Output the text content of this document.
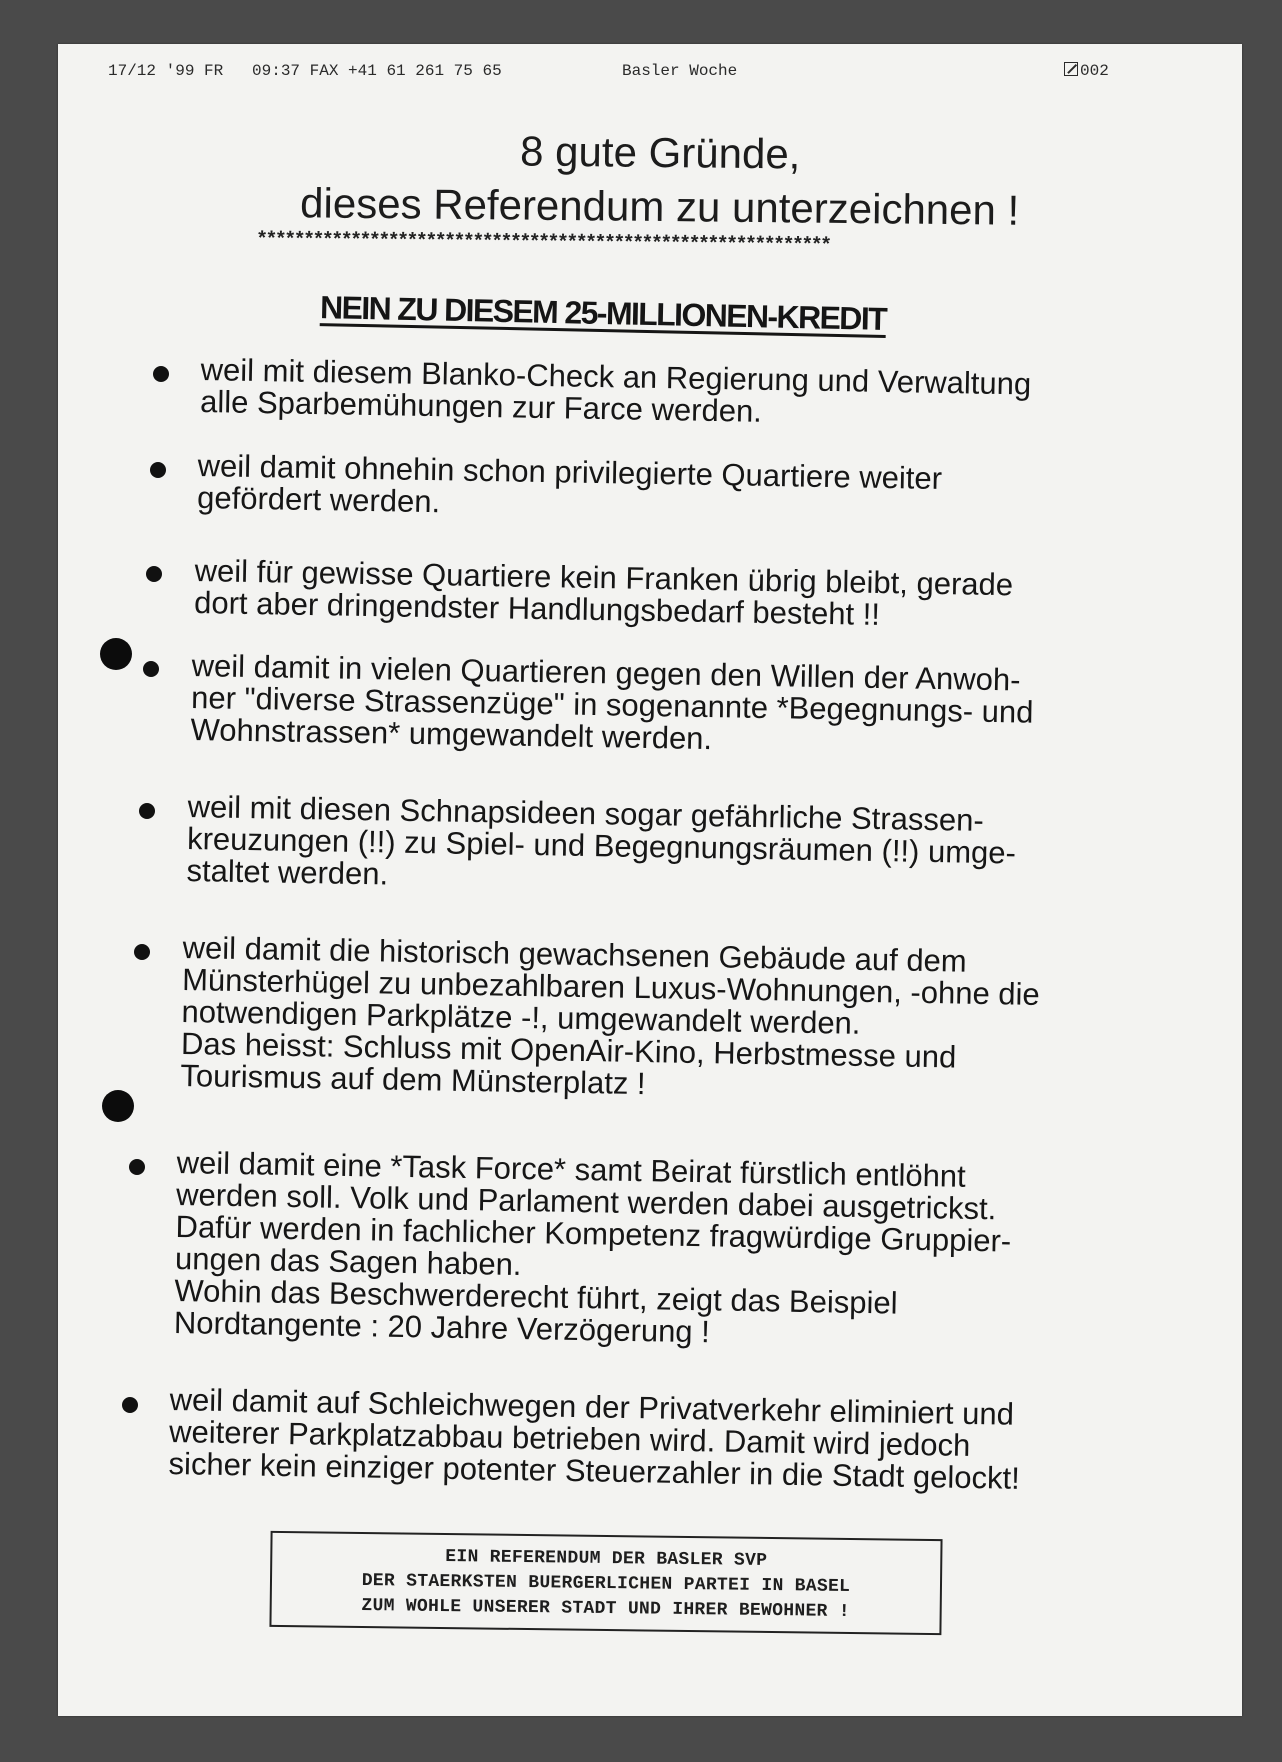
17/12 '99 FR   09:37 FAX +41 61 261 75 65

	Basler Woche	002
8 gute Gründe,
dieses Referendum zu unterzeichnen !
*************************************************************
NEIN ZU DIESEM 25-MILLIONEN-KREDIT
weil mit diesem Blanko-Check an Regierung und Verwaltung
alle Sparbemühungen zur Farce werden.
weil damit ohnehin schon privilegierte Quartiere weiter
gefördert werden.
weil für gewisse Quartiere kein Franken übrig bleibt, gerade
dort aber dringendster Handlungsbedarf besteht !!
weil damit in vielen Quartieren gegen den Willen der Anwoh-
ner "diverse Strassenzüge" in sogenannte *Begegnungs- und
Wohnstrassen* umgewandelt werden.
weil mit diesen Schnapsideen sogar gefährliche Strassen-
kreuzungen (!!) zu Spiel- und Begegnungsräumen (!!) umge-
staltet werden.
weil damit die historisch gewachsenen Gebäude auf dem
Münsterhügel zu unbezahlbaren Luxus-Wohnungen, -ohne die
notwendigen Parkplätze -!, umgewandelt werden.
Das heisst: Schluss mit OpenAir-Kino, Herbstmesse und
Tourismus auf dem Münsterplatz !
weil damit eine *Task Force* samt Beirat fürstlich entlöhnt
werden soll. Volk und Parlament werden dabei ausgetrickst.
Dafür werden in fachlicher Kompetenz fragwürdige Gruppier-
ungen das Sagen haben.
Wohin das Beschwerderecht führt, zeigt das Beispiel
Nordtangente : 20 Jahre Verzögerung !
weil damit auf Schleichwegen der Privatverkehr eliminiert und
weiterer Parkplatzabbau betrieben wird. Damit wird jedoch
sicher kein einziger potenter Steuerzahler in die Stadt gelockt!
EIN REFERENDUM DER BASLER SVP
DER STAERKSTEN BUERGERLICHEN PARTEI IN BASEL
ZUM WOHLE UNSERER STADT UND IHRER BEWOHNER !
